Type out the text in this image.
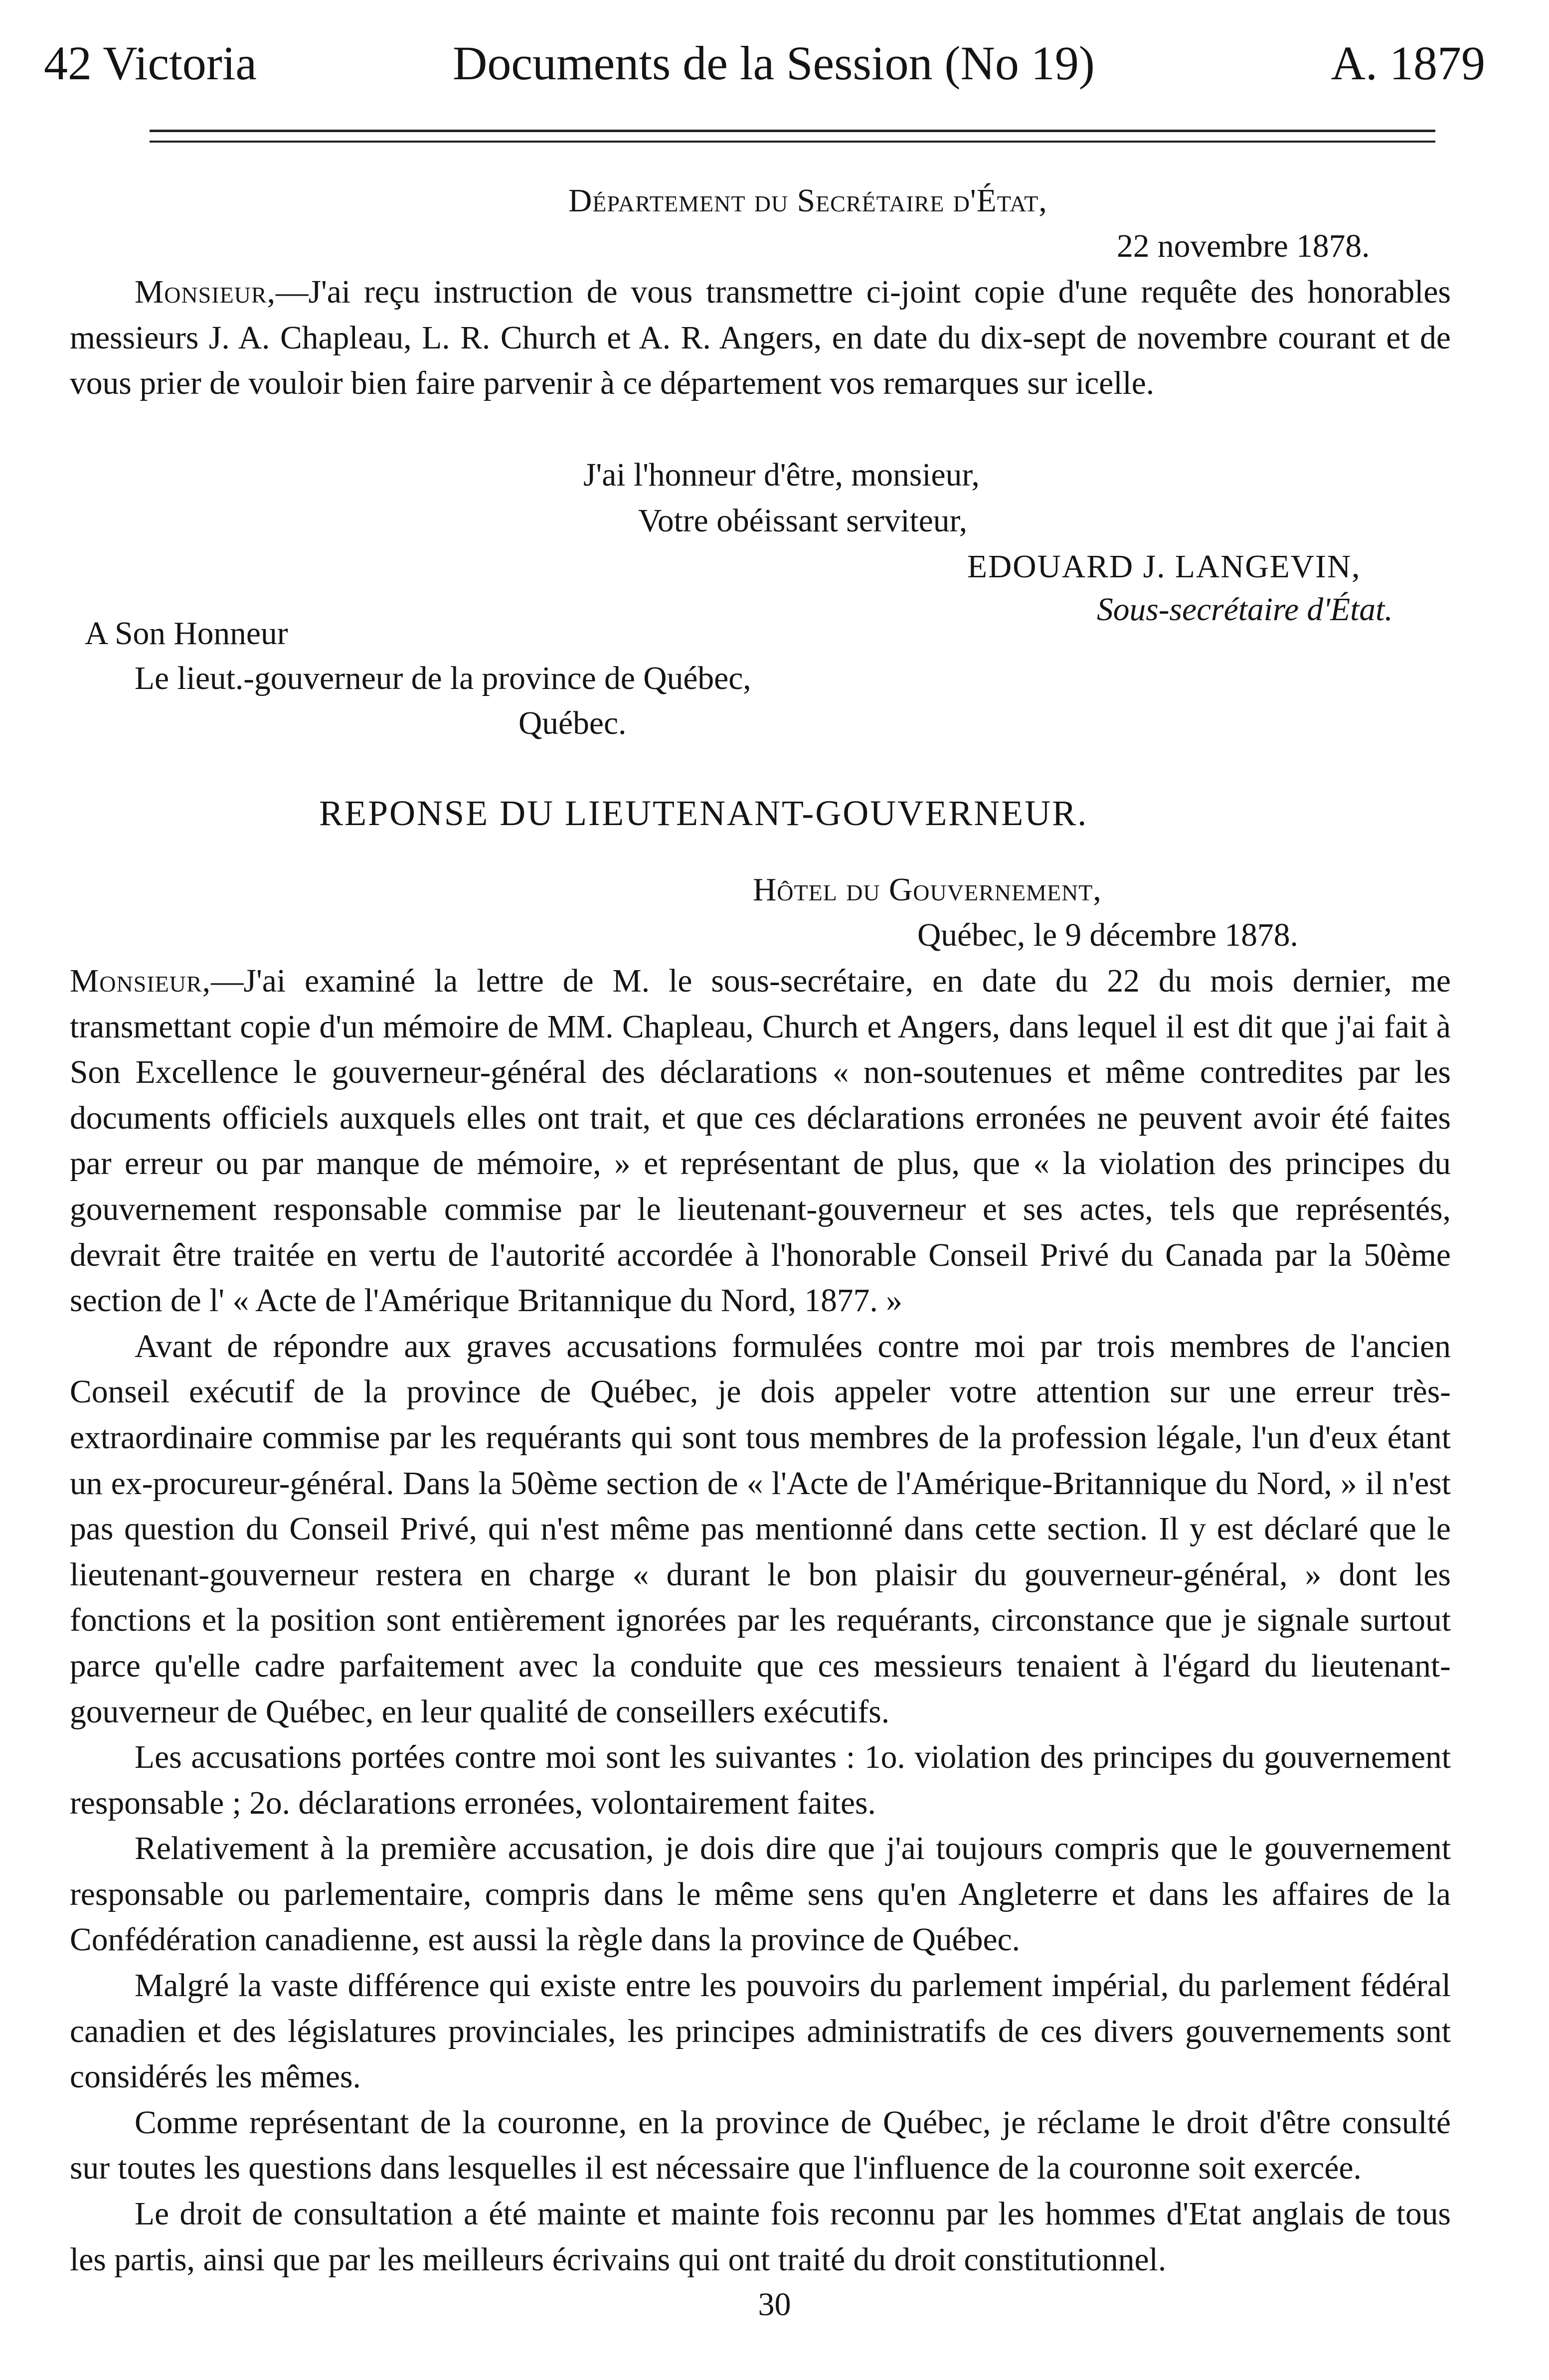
42 Victoria	Documents de la Session (No 19)	A. 1879
Département du Secrétaire d'État,
22 novembre 1878.

Monsieur,—J'ai reçu instruction de vous transmettre ci-joint copie d'une requête des honorables messieurs J. A. Chapleau, L. R. Church et A. R. Angers, en date du dix-sept de novembre courant et de vous prier de vouloir bien faire parvenir à ce département vos remarques sur icelle.

J'ai l'honneur d'être, monsieur,
Votre obéissant serviteur,
EDOUARD J. LANGEVIN,
Sous-secrétaire d'État.
A Son Honneur
Le lieut.-gouverneur de la province de Québec,
Québec.
REPONSE DU LIEUTENANT-GOUVERNEUR.
Hôtel du Gouvernement,
Québec, le 9 décembre 1878.

Monsieur,—J'ai examiné la lettre de M. le sous-secrétaire, en date du 22 du mois dernier, me transmettant copie d'un mémoire de MM. Chapleau, Church et Angers, dans lequel il est dit que j'ai fait à Son Excellence le gouverneur-général des déclarations « non-soutenues et même contredites par les documents officiels auxquels elles ont trait, et que ces déclarations erronées ne peuvent avoir été faites par erreur ou par manque de mémoire, » et représentant de plus, que « la violation des principes du gouvernement responsable commise par le lieutenant-gouverneur et ses actes, tels que représentés, devrait être traitée en vertu de l'autorité accordée à l'honorable Conseil Privé du Canada par la 50ème section de l' « Acte de l'Amérique Britannique du Nord, 1877. »

Avant de répondre aux graves accusations formulées contre moi par trois membres de l'ancien Conseil exécutif de la province de Québec, je dois appeler votre attention sur une erreur très-extraordinaire commise par les requérants qui sont tous membres de la profession légale, l'un d'eux étant un ex-procureur-général. Dans la 50ème section de « l'Acte de l'Amérique-Britannique du Nord, » il n'est pas question du Conseil Privé, qui n'est même pas mentionné dans cette section. Il y est déclaré que le lieutenant-gouverneur restera en charge « durant le bon plaisir du gouverneur-général, » dont les fonctions et la position sont entièrement ignorées par les requérants, circonstance que je signale surtout parce qu'elle cadre parfaitement avec la conduite que ces messieurs tenaient à l'égard du lieutenant-gouverneur de Québec, en leur qualité de conseillers exécutifs.

Les accusations portées contre moi sont les suivantes : 1o. violation des principes du gouvernement responsable ; 2o. déclarations erronées, volontairement faites.

Relativement à la première accusation, je dois dire que j'ai toujours compris que le gouvernement responsable ou parlementaire, compris dans le même sens qu'en Angleterre et dans les affaires de la Confédération canadienne, est aussi la règle dans la province de Québec.

Malgré la vaste différence qui existe entre les pouvoirs du parlement impérial, du parlement fédéral canadien et des législatures provinciales, les principes administratifs de ces divers gouvernements sont considérés les mêmes.

Comme représentant de la couronne, en la province de Québec, je réclame le droit d'être consulté sur toutes les questions dans lesquelles il est nécessaire que l'influence de la couronne soit exercée.

Le droit de consultation a été mainte et mainte fois reconnu par les hommes d'Etat anglais de tous les partis, ainsi que par les meilleurs écrivains qui ont traité du droit constitutionnel.

30
